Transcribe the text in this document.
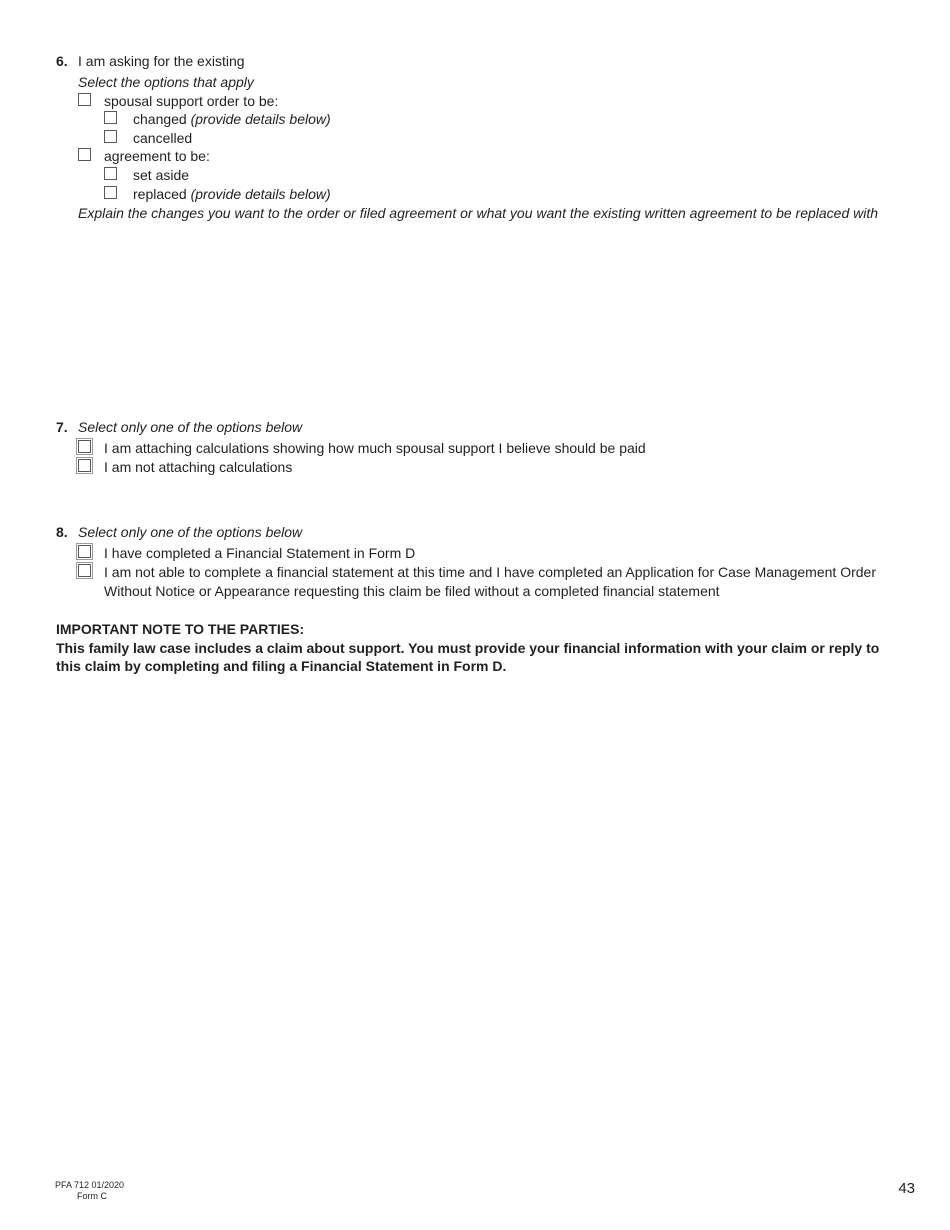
6. I am asking for the existing
Select the options that apply
spousal support order to be:
changed (provide details below)
cancelled
agreement to be:
set aside
replaced (provide details below)
Explain the changes you want to the order or filed agreement or what you want the existing written agreement to be replaced with
7. Select only one of the options below
I am attaching calculations showing how much spousal support I believe should be paid
I am not attaching calculations
8. Select only one of the options below
I have completed a Financial Statement in Form D
I am not able to complete a financial statement at this time and I have completed an Application for Case Management Order
Without Notice or Appearance requesting this claim be filed without a completed financial statement
IMPORTANT NOTE TO THE PARTIES:
This family law case includes a claim about support. You must provide your financial information with your claim or reply to
this claim by completing and filing a Financial Statement in Form D.
PFA 712 01/2020
Form C	43
